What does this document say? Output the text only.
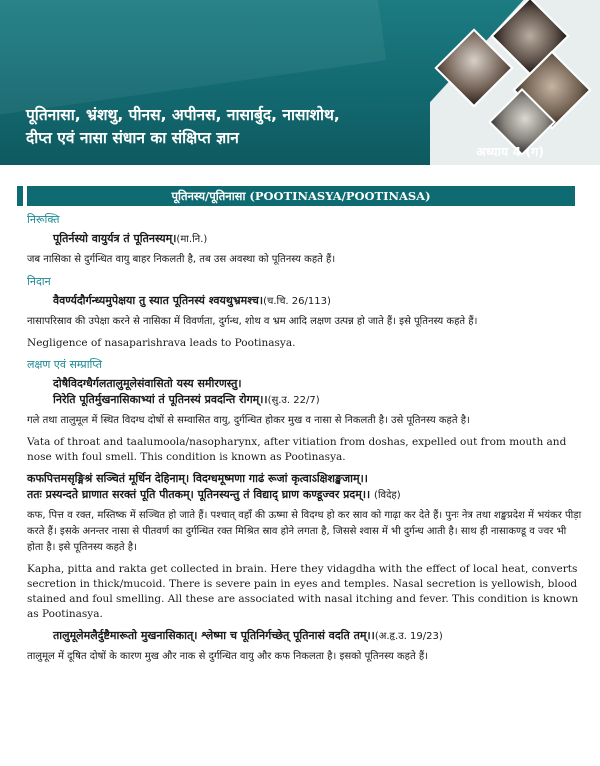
पूतिनासा, भ्रंशथु, पीनस, अपीनस, नासार्बुद, नासाशोथ,
दीप्त एवं नासा संधान का संक्षिप्त ज्ञान
अध्याय 4 (ग)
पूतिनस्य/पूतिनासा (POOTINASYA/POOTINASA)
निरूक्ति
पूतिर्नस्यो वायुर्यत्र तं पूतिनस्यम्।(मा.नि.)
जब नासिका से दुर्गन्धित वायु बाहर निकलती है, तब उस अवस्था को पूतिनस्य कहते हैं।
निदान
वैवर्ण्यदौर्गन्ध्यमुपेक्षया तु स्यात पूतिनस्यं श्वयथुभ्रमश्च।(च.चि. 26/113)
नासापरिस्राव की उपेक्षा करने से नासिका में विवर्णता, दुर्गन्ध, शोथ व भ्रम आदि लक्षण उत्पन्न हो जाते हैं। इसे पूतिनस्य कहते हैं।
Negligence of nasaparishrava leads to Pootinasya.
लक्षण एवं सम्प्राप्ति
दोषैविदग्धैर्गलतालुमूलेसंवासितो यस्य समीरणस्तु।
निरेति पूतिर्मुखनासिकाभ्यां तं पूतिनस्यं प्रवदन्ति रोगम्।।(सु.उ. 22/7)
गले तथा तालुमूल में स्थित विदग्ध दोषों से सम्वासित वायु, दुर्गन्धित होकर मुख व नासा से निकलती है। उसे पूतिनस्य कहते है।
Vata of throat and taalumoola/nasopharynx, after vitiation from doshas, expelled out from mouth and nose with foul smell. This condition is known as Pootinasya.
कफपित्तमसृङ्मिश्रं सञ्चितं मूर्धिन देहिनाम्। विदग्धमूष्मणा गाढं रूजां कृत्वाऽक्षिशङ्खजाम्।।
ततः प्रस्यन्दते घ्राणात सरक्तं पूति पीतकम्। पूतिनस्यन्तु तं विद्याद् घ्राण कण्डूज्वर प्रदम्।। (विदेह)
कफ, पित्त व रक्त, मस्तिष्क में सञ्चित हो जाते हैं। पश्चात् वहाँ की ऊष्मा से विदग्ध हो कर स्राव को गाढ़ा कर देते हैं। पुनः नेत्र तथा शङ्खप्रदेश में भयंकर पीड़ा करते हैं। इसके अनन्तर नासा से पीतवर्ण का दुर्गन्धित रक्त मिश्रित स्राव होने लगता है, जिससे श्वास में भी दुर्गन्ध आती है। साथ ही नासाकण्डू व ज्वर भी होता है। इसे पूतिनस्य कहते है।
Kapha, pitta and rakta get collected in brain. Here they vidagdha with the effect of local heat, converts secretion in thick/mucoid. There is severe pain in eyes and temples. Nasal secretion is yellowish, blood stained and foul smelling. All these are associated with nasal itching and fever. This condition is known as Pootinasya.
तालुमूलेमलैर्दुष्टैमारूतो मुखनासिकात्। श्लेष्मा च पूतिनिर्गच्छेत् पूतिनासं वदति तम्।।(अ.हृ.उ. 19/23)
तालुमूल में दूषित दोषों के कारण मुख और नाक से दुर्गन्धित वायु और कफ निकलता है। इसको पूतिनस्य कहते हैं।
